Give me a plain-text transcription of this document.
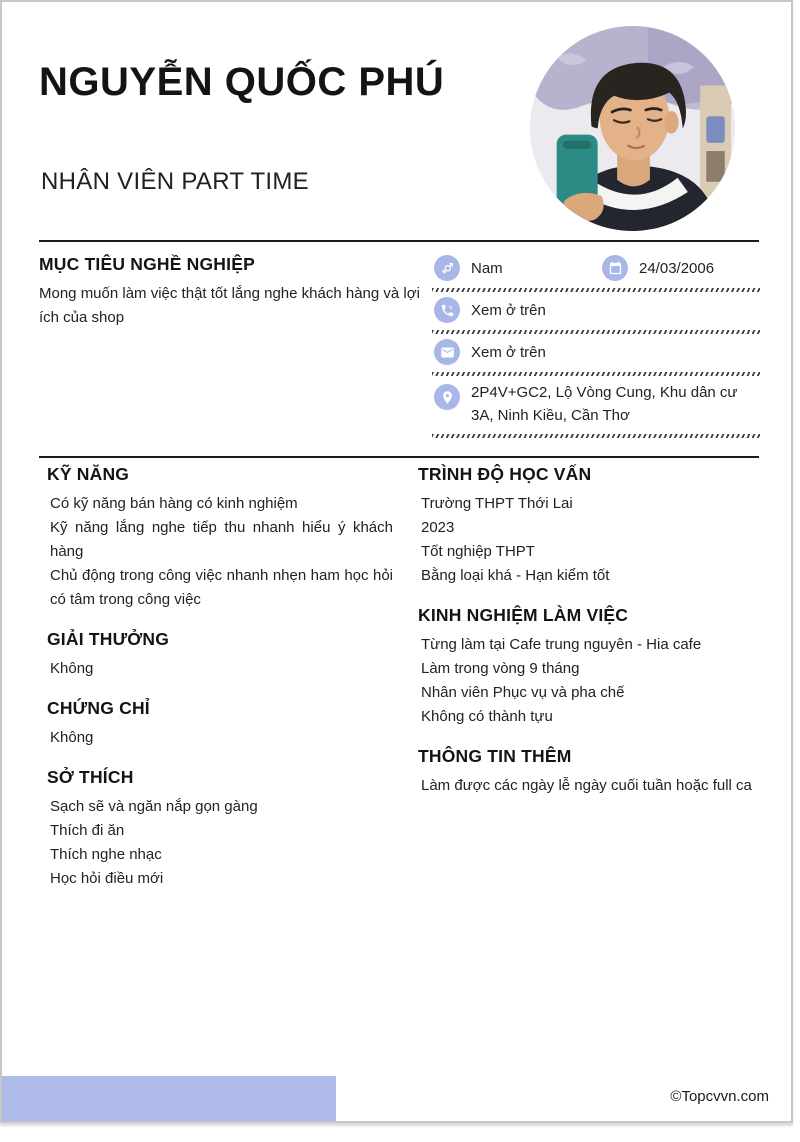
NGUYỄN QUỐC PHÚ
NHÂN VIÊN PART TIME
MỤC TIÊU NGHỀ NGHIỆP

Mong muốn làm việc thật tốt lắng nghe khách hàng và lợi ích của shop

Nam	24/03/2006
Xem ở trên
Xem ở trên
2P4V+GC2, Lộ Vòng Cung, Khu dân cư 3A, Ninh Kiều, Cần Thơ
KỸ NĂNG

Có kỹ năng bán hàng có kinh nghiệm

Kỹ năng lắng nghe tiếp thu nhanh hiểu ý khách hàng

Chủ động trong công việc nhanh nhẹn ham học hỏi có tâm trong công việc

GIẢI THƯỞNG

Không

CHỨNG CHỈ

Không

SỞ THÍCH

Sạch sẽ và ngăn nắp gọn gàng

Thích đi ăn

Thích nghe nhạc

Học hỏi điều mới

TRÌNH ĐỘ HỌC VẤN

Trường THPT Thới Lai

2023

Tốt nghiệp THPT

Bằng loại khá - Hạn kiểm tốt

KINH NGHIỆM LÀM VIỆC

Từng làm tại Cafe trung nguyên - Hia cafe

Làm trong vòng 9 tháng

Nhân viên Phục vụ và pha chế

Không có thành tựu

THÔNG TIN THÊM

Làm được các ngày lễ ngày cuối tuần hoặc full ca

©Topcvvn.com
